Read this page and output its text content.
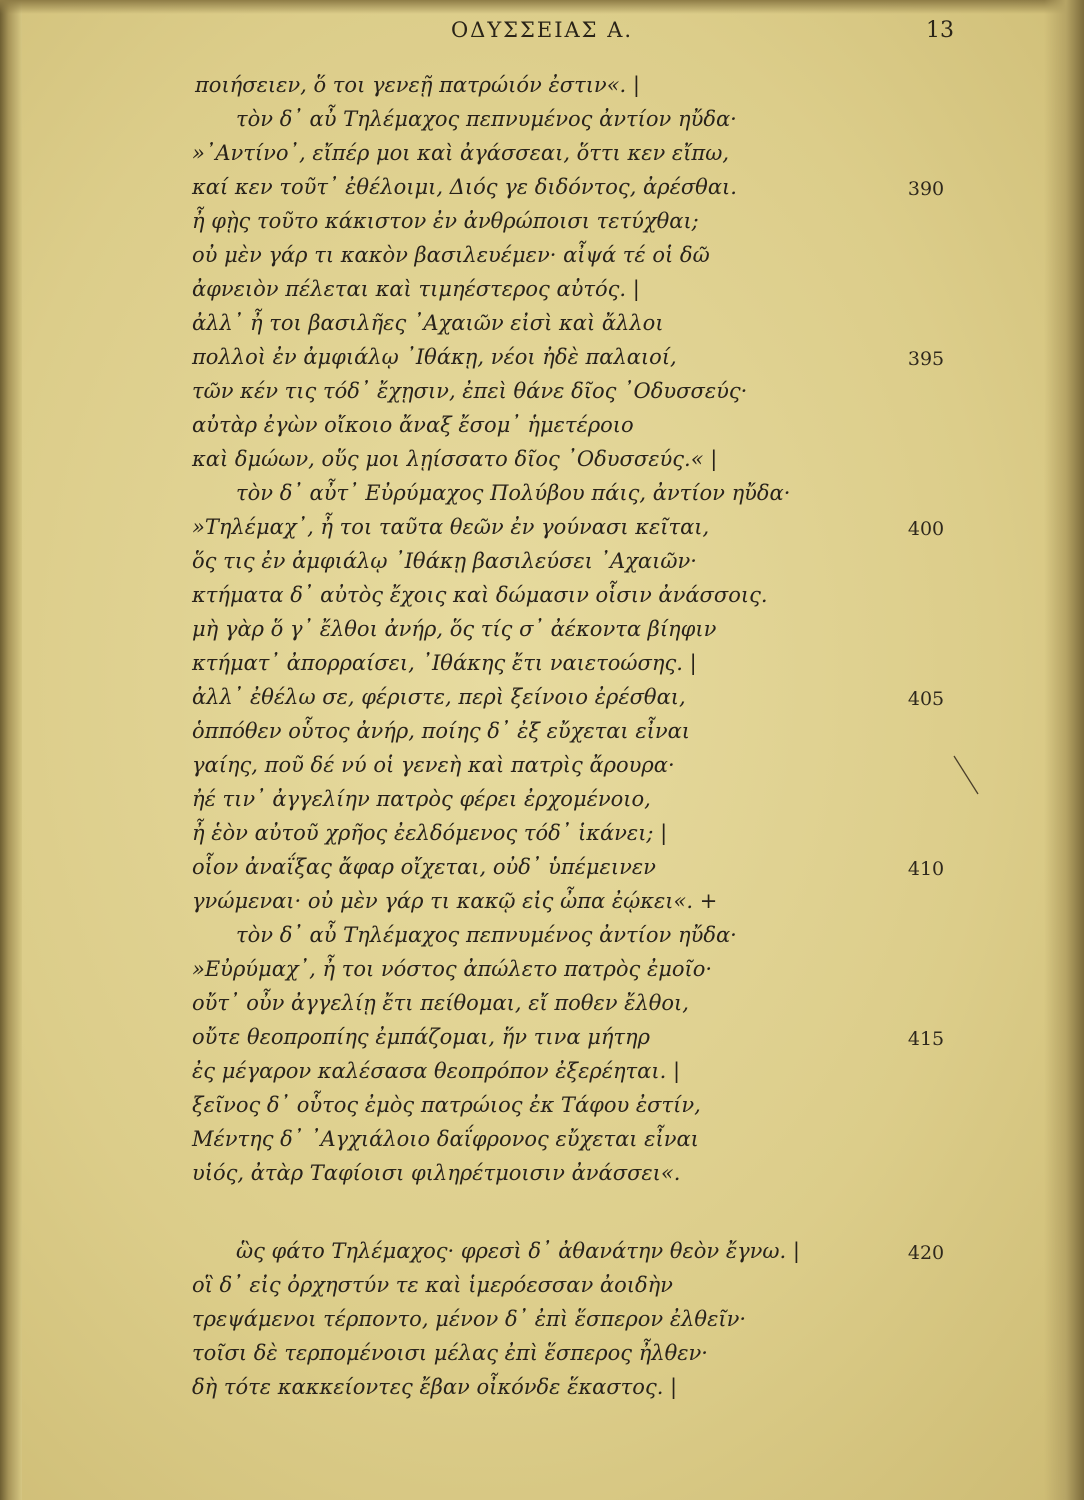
ΟΔΥΣΣΕΙΑΣ Α.	13
ποιήσειεν, ὅ τοι γενεῇ πατρώιόν ἐστιν«. |
τὸν δ᾽ αὖ Τηλέμαχος πεπνυμένος ἀντίον ηὔδα·
»᾽Αντίνο᾽, εἴπέρ μοι καὶ ἀγάσσεαι, ὅττι κεν εἴπω,
καί κεν τοῦτ᾽ ἐθέλοιμι, Διός γε διδόντος, ἀρέσθαι.
ἦ φῂς τοῦτο κάκιστον ἐν ἀνθρώποισι τετύχθαι;
οὐ μὲν γάρ τι κακὸν βασιλευέμεν· αἶψά τέ οἱ δῶ
ἀφνειὸν πέλεται καὶ τιμηέστερος αὐτός. |
ἀλλ᾽ ἦ τοι βασιλῆες ᾽Αχαιῶν εἰσὶ καὶ ἄλλοι
πολλοὶ ἐν ἀμφιάλῳ ᾽Ιθάκῃ, νέοι ἠδὲ παλαιοί,
τῶν κέν τις τόδ᾽ ἔχῃσιν, ἐπεὶ θάνε δῖος ᾽Οδυσσεύς·
αὐτὰρ ἐγὼν οἴκοιο ἄναξ ἔσομ᾽ ἡμετέροιο
καὶ δμώων, οὕς μοι λῃίσσατο δῖος ᾽Οδυσσεύς.« |
τὸν δ᾽ αὖτ᾽ Εὐρύμαχος Πολύβου πάις, ἀντίον ηὔδα·
»Τηλέμαχ᾽, ἦ τοι ταῦτα θεῶν ἐν γούνασι κεῖται,
ὅς τις ἐν ἀμφιάλῳ ᾽Ιθάκῃ βασιλεύσει ᾽Αχαιῶν·
κτήματα δ᾽ αὐτὸς ἔχοις καὶ δώμασιν οἷσιν ἀνάσσοις.
μὴ γὰρ ὅ γ᾽ ἔλθοι ἀνήρ, ὅς τίς σ᾽ ἀέκοντα βίηφιν
κτήματ᾽ ἀπορραίσει, ᾽Ιθάκης ἔτι ναιετοώσης. |
ἀλλ᾽ ἐθέλω σε, φέριστε, περὶ ξείνοιο ἐρέσθαι,
ὁππόθεν οὗτος ἀνήρ, ποίης δ᾽ ἐξ εὔχεται εἶναι
γαίης, ποῦ δέ νύ οἱ γενεὴ καὶ πατρὶς ἄρουρα·
ἠέ τιν᾽ ἀγγελίην πατρὸς φέρει ἐρχομένοιο,
ἦ ἑὸν αὐτοῦ χρῆος ἐελδόμενος τόδ᾽ ἱκάνει; |
οἷον ἀναΐξας ἄφαρ οἴχεται, οὐδ᾽ ὑπέμεινεν
γνώμεναι· οὐ μὲν γάρ τι κακῷ εἰς ὦπα ἐῴκει«. +
τὸν δ᾽ αὖ Τηλέμαχος πεπνυμένος ἀντίον ηὔδα·
»Εὐρύμαχ᾽, ἦ τοι νόστος ἀπώλετο πατρὸς ἐμοῖο·
οὔτ᾽ οὖν ἀγγελίῃ ἔτι πείθομαι, εἴ ποθεν ἔλθοι,
οὔτε θεοπροπίης ἐμπάζομαι, ἥν τινα μήτηρ
ἐς μέγαρον καλέσασα θεοπρόπον ἐξερέηται. |
ξεῖνος δ᾽ οὗτος ἐμὸς πατρώιος ἐκ Τάφου ἐστίν,
Μέντης δ᾽ ᾽Αγχιάλοιο δαΐφρονος εὔχεται εἶναι
υἱός, ἀτὰρ Ταφίοισι φιληρέτμοισιν ἀνάσσει«.
ὣς φάτο Τηλέμαχος· φρεσὶ δ᾽ ἀθανάτην θεὸν ἔγνω. |
οἳ δ᾽ εἰς ὀρχηστύν τε καὶ ἱμερόεσσαν ἀοιδὴν
τρεψάμενοι τέρποντο, μένον δ᾽ ἐπὶ ἕσπερον ἐλθεῖν·
τοῖσι δὲ τερπομένοισι μέλας ἐπὶ ἕσπερος ἦλθεν·
δὴ τότε κακκείοντες ἔβαν οἶκόνδε ἕκαστος. |
390
395
400
405
410
415
420
